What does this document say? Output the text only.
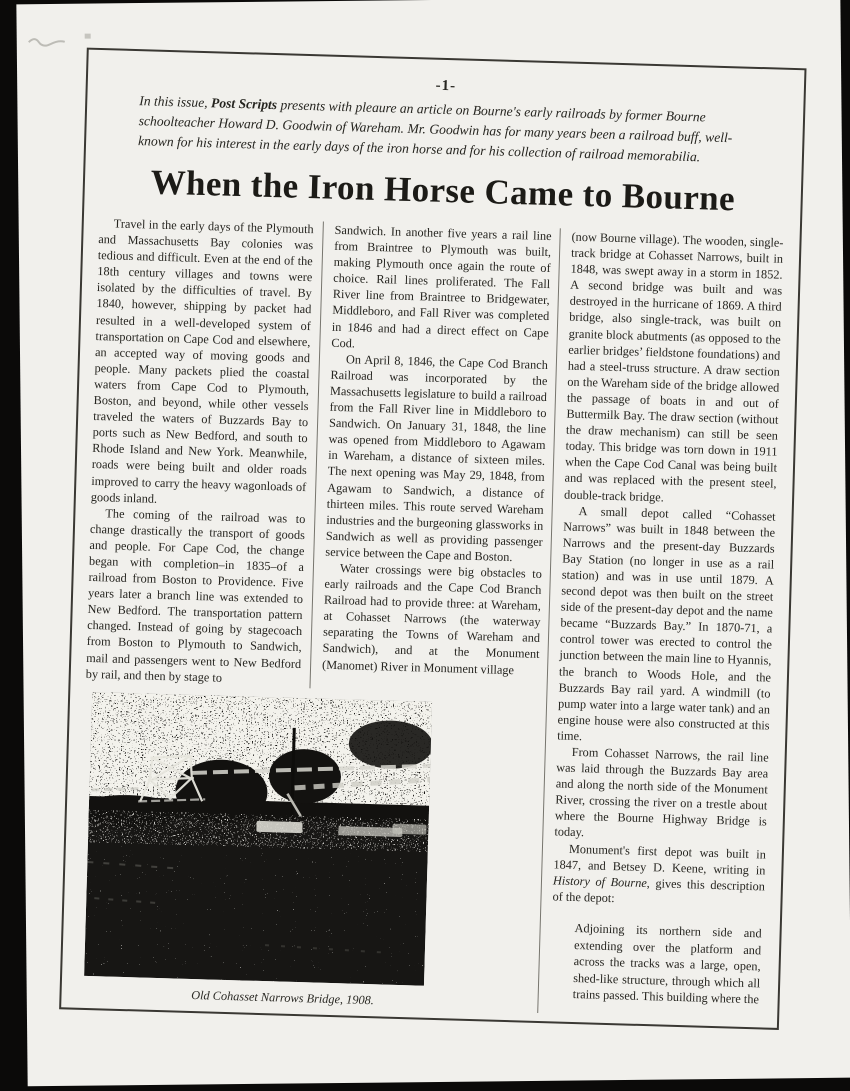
-1-
In this issue, Post Scripts presents with pleaure an article on Bourne's early railroads by former Bourne schoolteacher Howard D. Goodwin of Wareham. Mr. Goodwin has for many years been a railroad buff, well-known for his interest in the early days of the iron horse and for his collection of railroad memorabilia.
When the Iron Horse Came to Bourne

Travel in the early days of the Plymouth and Massachusetts Bay colonies was tedious and difficult. Even at the end of the 18th century villages and towns were isolated by the difficulties of travel. By 1840, however, shipping by packet had resulted in a well-developed system of transportation on Cape Cod and elsewhere, an accepted way of moving goods and people. Many packets plied the coastal waters from Cape Cod to Plymouth, Boston, and beyond, while other vessels traveled the waters of Buzzards Bay to ports such as New Bedford, and south to Rhode Island and New York. Meanwhile, roads were being built and older roads improved to carry the heavy wagonloads of goods inland.

The coming of the railroad was to change drastically the transport of goods and people. For Cape Cod, the change began with completion–in 1835–of a railroad from Boston to Providence. Five years later a branch line was extended to New Bedford. The transportation pattern changed. Instead of going by stagecoach from Boston to Plymouth to Sandwich, mail and passengers went to New Bedford by rail, and then by stage to

Sandwich. In another five years a rail line from Braintree to Plymouth was built, making Plymouth once again the route of choice. Rail lines proliferated. The Fall River line from Braintree to Bridgewater, Middleboro, and Fall River was completed in 1846 and had a direct effect on Cape Cod.

On April 8, 1846, the Cape Cod Branch Railroad was incorporated by the Massachusetts legislature to build a railroad from the Fall River line in Middleboro to Sandwich. On January 31, 1848, the line was opened from Middleboro to Agawam in Wareham, a distance of sixteen miles. The next opening was May 29, 1848, from Agawam to Sandwich, a distance of thirteen miles. This route served Wareham industries and the burgeoning glassworks in Sandwich as well as providing passenger service between the Cape and Boston.

Water crossings were big obstacles to early railroads and the Cape Cod Branch Railroad had to provide three: at Wareham, at Cohasset Narrows (the waterway separating the Towns of Wareham and Sandwich), and at the Monument (Manomet) River in Monument village

Old Cohasset Narrows Bridge, 1908.

(now Bourne village). The wooden, single-track bridge at Cohasset Narrows, built in 1848, was swept away in a storm in 1852. A second bridge was built and was destroyed in the hurricane of 1869. A third bridge, also single-track, was built on granite block abutments (as opposed to the earlier bridges’ fieldstone foundations) and had a steel-truss structure. A draw section on the Wareham side of the bridge allowed the passage of boats in and out of Buttermilk Bay. The draw section (without the draw mechanism) can still be seen today. This bridge was torn down in 1911 when the Cape Cod Canal was being built and was replaced with the present steel, double-track bridge.

A small depot called “Cohasset Narrows” was built in 1848 between the Narrows and the present-day Buzzards Bay Station (no longer in use as a rail station) and was in use until 1879. A second depot was then built on the street side of the present-day depot and the name became “Buzzards Bay.” In 1870-71, a control tower was erected to control the junction between the main line to Hyannis, the branch to Woods Hole, and the Buzzards Bay rail yard. A windmill (to pump water into a large water tank) and an engine house were also constructed at this time.

From Cohasset Narrows, the rail line was laid through the Buzzards Bay area and along the north side of the Monument River, crossing the river on a trestle about where the Bourne Highway Bridge is today.

Monument's first depot was built in 1847, and Betsey D. Keene, writing in History of Bourne, gives this description of the depot:

Adjoining its northern side and extending over the platform and across the tracks was a large, open, shed-like structure, through which all trains passed. This building where the
